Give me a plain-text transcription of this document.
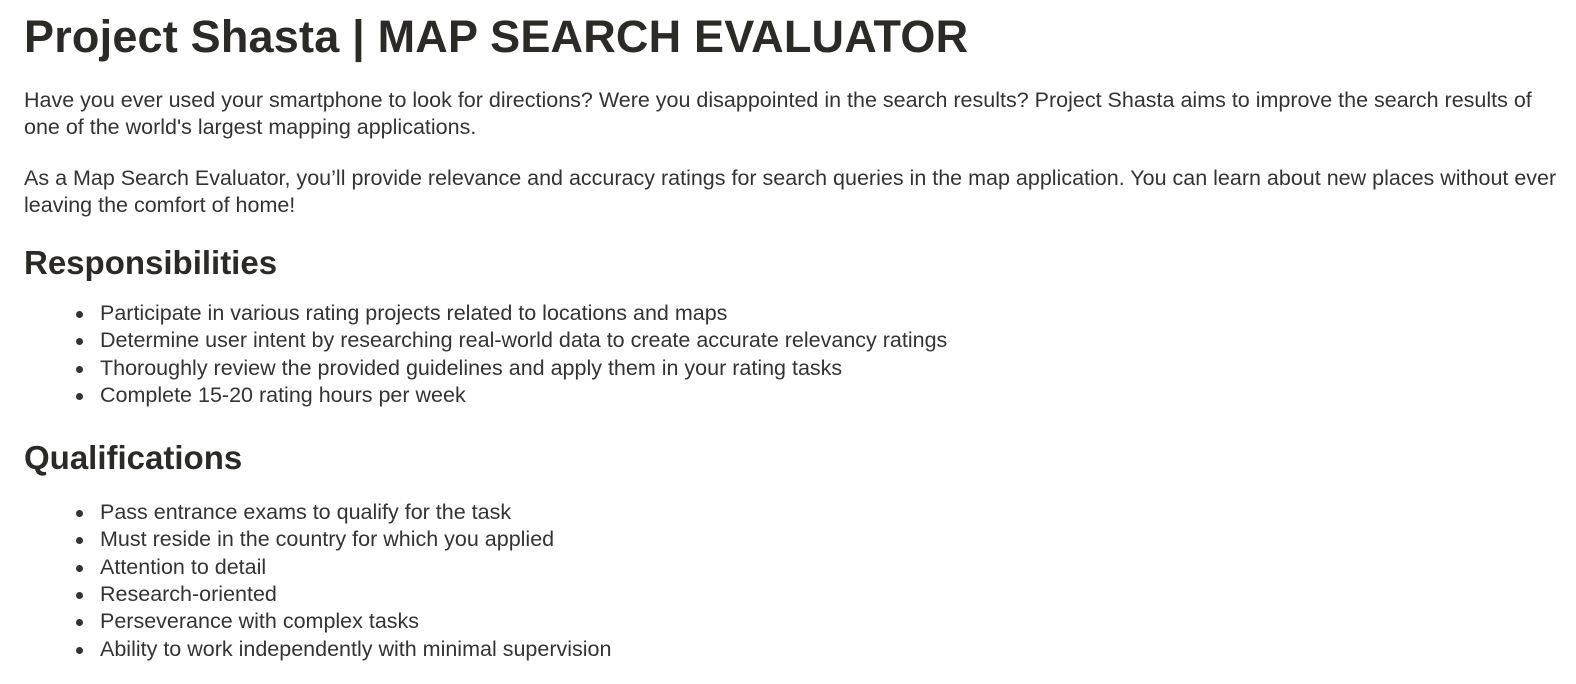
Project Shasta | MAP SEARCH EVALUATOR

Have you ever used your smartphone to look for directions? Were you disappointed in the search results? Project Shasta aims to improve the search results of one of the world's largest mapping applications.

As a Map Search Evaluator, you’ll provide relevance and accuracy ratings for search queries in the map application. You can learn about new places without ever leaving the comfort of home!

Responsibilities
Participate in various rating projects related to locations and maps
Determine user intent by researching real-world data to create accurate relevancy ratings
Thoroughly review the provided guidelines and apply them in your rating tasks
Complete 15-20 rating hours per week
Qualifications
Pass entrance exams to qualify for the task
Must reside in the country for which you applied
Attention to detail
Research-oriented
Perseverance with complex tasks
Ability to work independently with minimal supervision
